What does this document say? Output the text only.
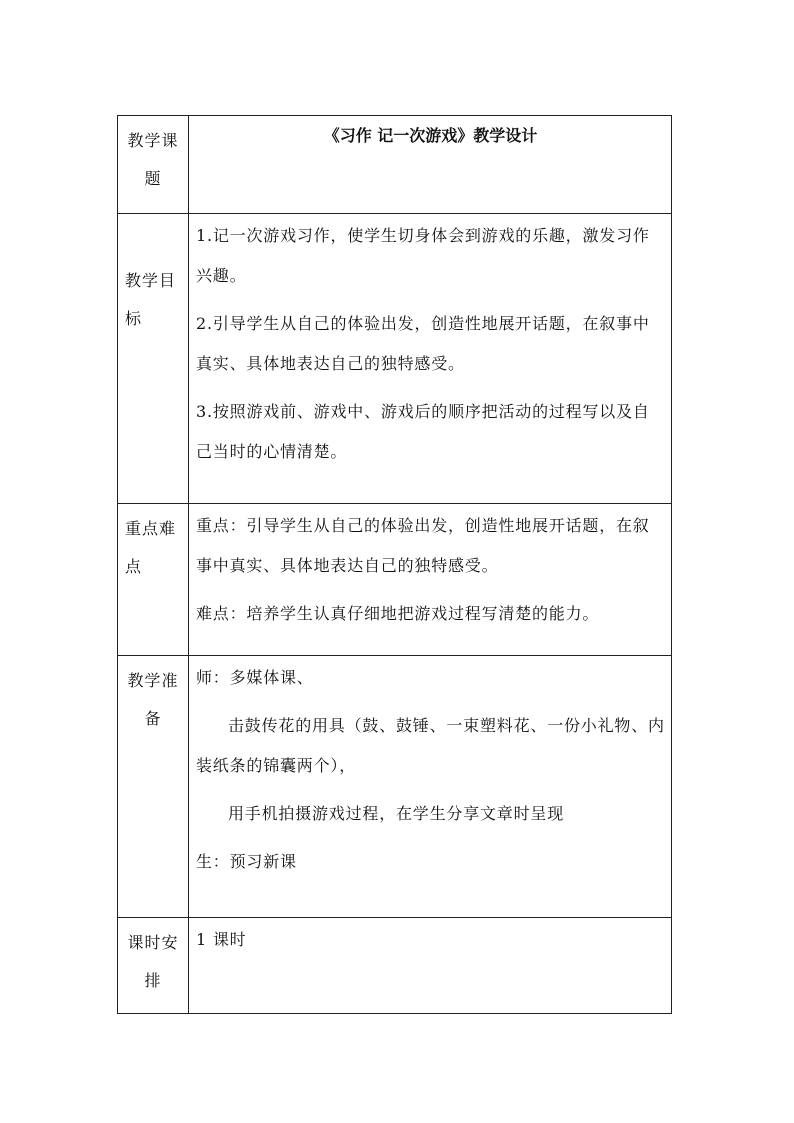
教学课题	《习作 记一次游戏》教学设计

教学目标	1.记一次游戏习作，使学生切身体会到游戏的乐趣，激发习作兴趣。

2.引导学生从自己的体验出发，创造性地展开话题，在叙事中真实、具体地表达自己的独特感受。

3.按照游戏前、游戏中、游戏后的顺序把活动的过程写以及自己当时的心情清楚。

重点难点	重点：引导学生从自己的体验出发，创造性地展开话题，在叙事中真实、具体地表达自己的独特感受。

难点：培养学生认真仔细地把游戏过程写清楚的能力。

教学准备	师：多媒体课、

击鼓传花的用具（鼓、鼓锤、一束塑料花、一份小礼物、内装纸条的锦囊两个），

用手机拍摄游戏过程，在学生分享文章时呈现

生：预习新课

课时安排	1 课时
